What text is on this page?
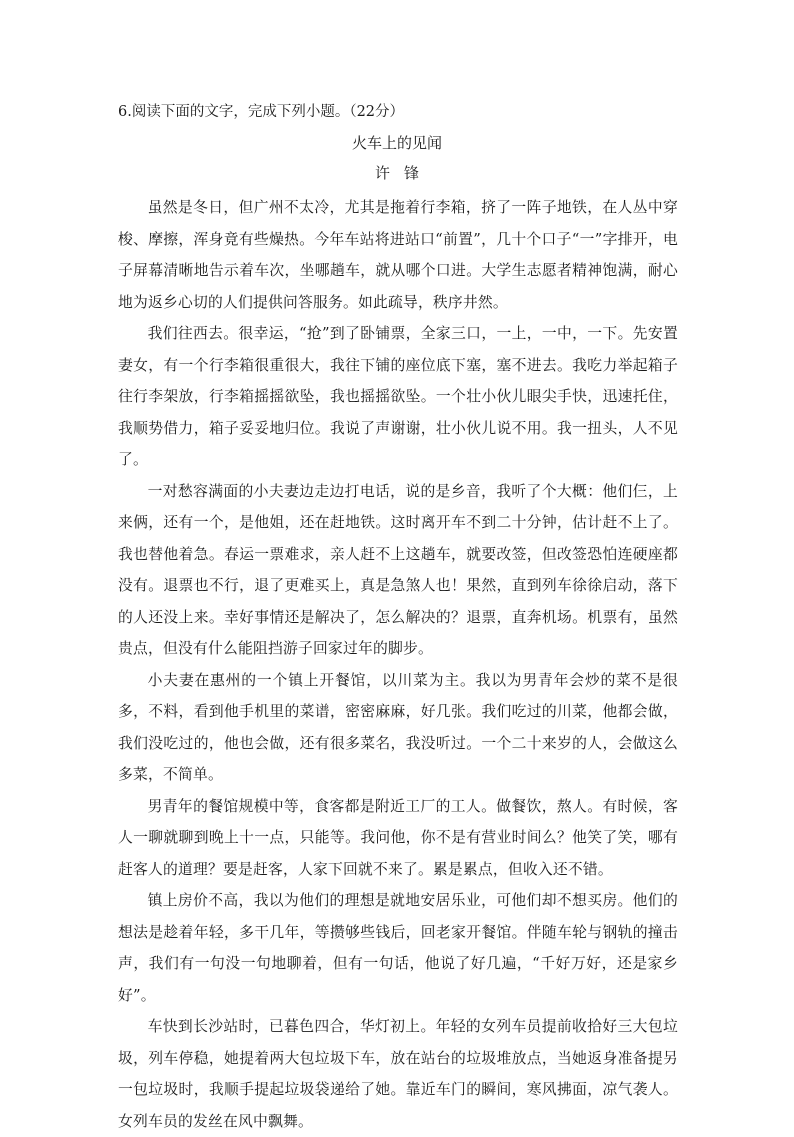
6.阅读下面的文字，完成下列小题。（22分）
火车上的见闻
许锋

虽然是冬日，但广州不太冷，尤其是拖着行李箱，挤了一阵子地铁，在人丛中穿梭、摩擦，浑身竟有些燥热。今年车站将进站口“前置”，几十个口子“一”字排开，电子屏幕清晰地告示着车次，坐哪趟车，就从哪个口进。大学生志愿者精神饱满，耐心地为返乡心切的人们提供问答服务。如此疏导，秩序井然。

我们往西去。很幸运，“抢”到了卧铺票，全家三口，一上，一中，一下。先安置妻女，有一个行李箱很重很大，我往下铺的座位底下塞，塞不进去。我吃力举起箱子往行李架放，行李箱摇摇欲坠，我也摇摇欲坠。一个壮小伙儿眼尖手快，迅速托住，我顺势借力，箱子妥妥地归位。我说了声谢谢，壮小伙儿说不用。我一扭头，人不见了。

一对愁容满面的小夫妻边走边打电话，说的是乡音，我听了个大概：他们仨，上来俩，还有一个，是他姐，还在赶地铁。这时离开车不到二十分钟，估计赶不上了。我也替他着急。春运一票难求，亲人赶不上这趟车，就要改签，但改签恐怕连硬座都没有。退票也不行，退了更难买上，真是急煞人也！果然，直到列车徐徐启动，落下的人还没上来。幸好事情还是解决了，怎么解决的？退票，直奔机场。机票有，虽然贵点，但没有什么能阻挡游子回家过年的脚步。

小夫妻在惠州的一个镇上开餐馆，以川菜为主。我以为男青年会炒的菜不是很多，不料，看到他手机里的菜谱，密密麻麻，好几张。我们吃过的川菜，他都会做，我们没吃过的，他也会做，还有很多菜名，我没听过。一个二十来岁的人，会做这么多菜，不简单。

男青年的餐馆规模中等，食客都是附近工厂的工人。做餐饮，熬人。有时候，客人一聊就聊到晚上十一点，只能等。我问他，你不是有营业时间么？他笑了笑，哪有赶客人的道理？要是赶客，人家下回就不来了。累是累点，但收入还不错。

镇上房价不高，我以为他们的理想是就地安居乐业，可他们却不想买房。他们的想法是趁着年轻，多干几年，等攒够些钱后，回老家开餐馆。伴随车轮与钢轨的撞击声，我们有一句没一句地聊着，但有一句话，他说了好几遍，“千好万好，还是家乡好”。

车快到长沙站时，已暮色四合，华灯初上。年轻的女列车员提前收拾好三大包垃圾，列车停稳，她提着两大包垃圾下车，放在站台的垃圾堆放点，当她返身准备提另一包垃圾时，我顺手提起垃圾袋递给了她。靠近车门的瞬间，寒风拂面，凉气袭人。女列车员的发丝在风中飘舞。
